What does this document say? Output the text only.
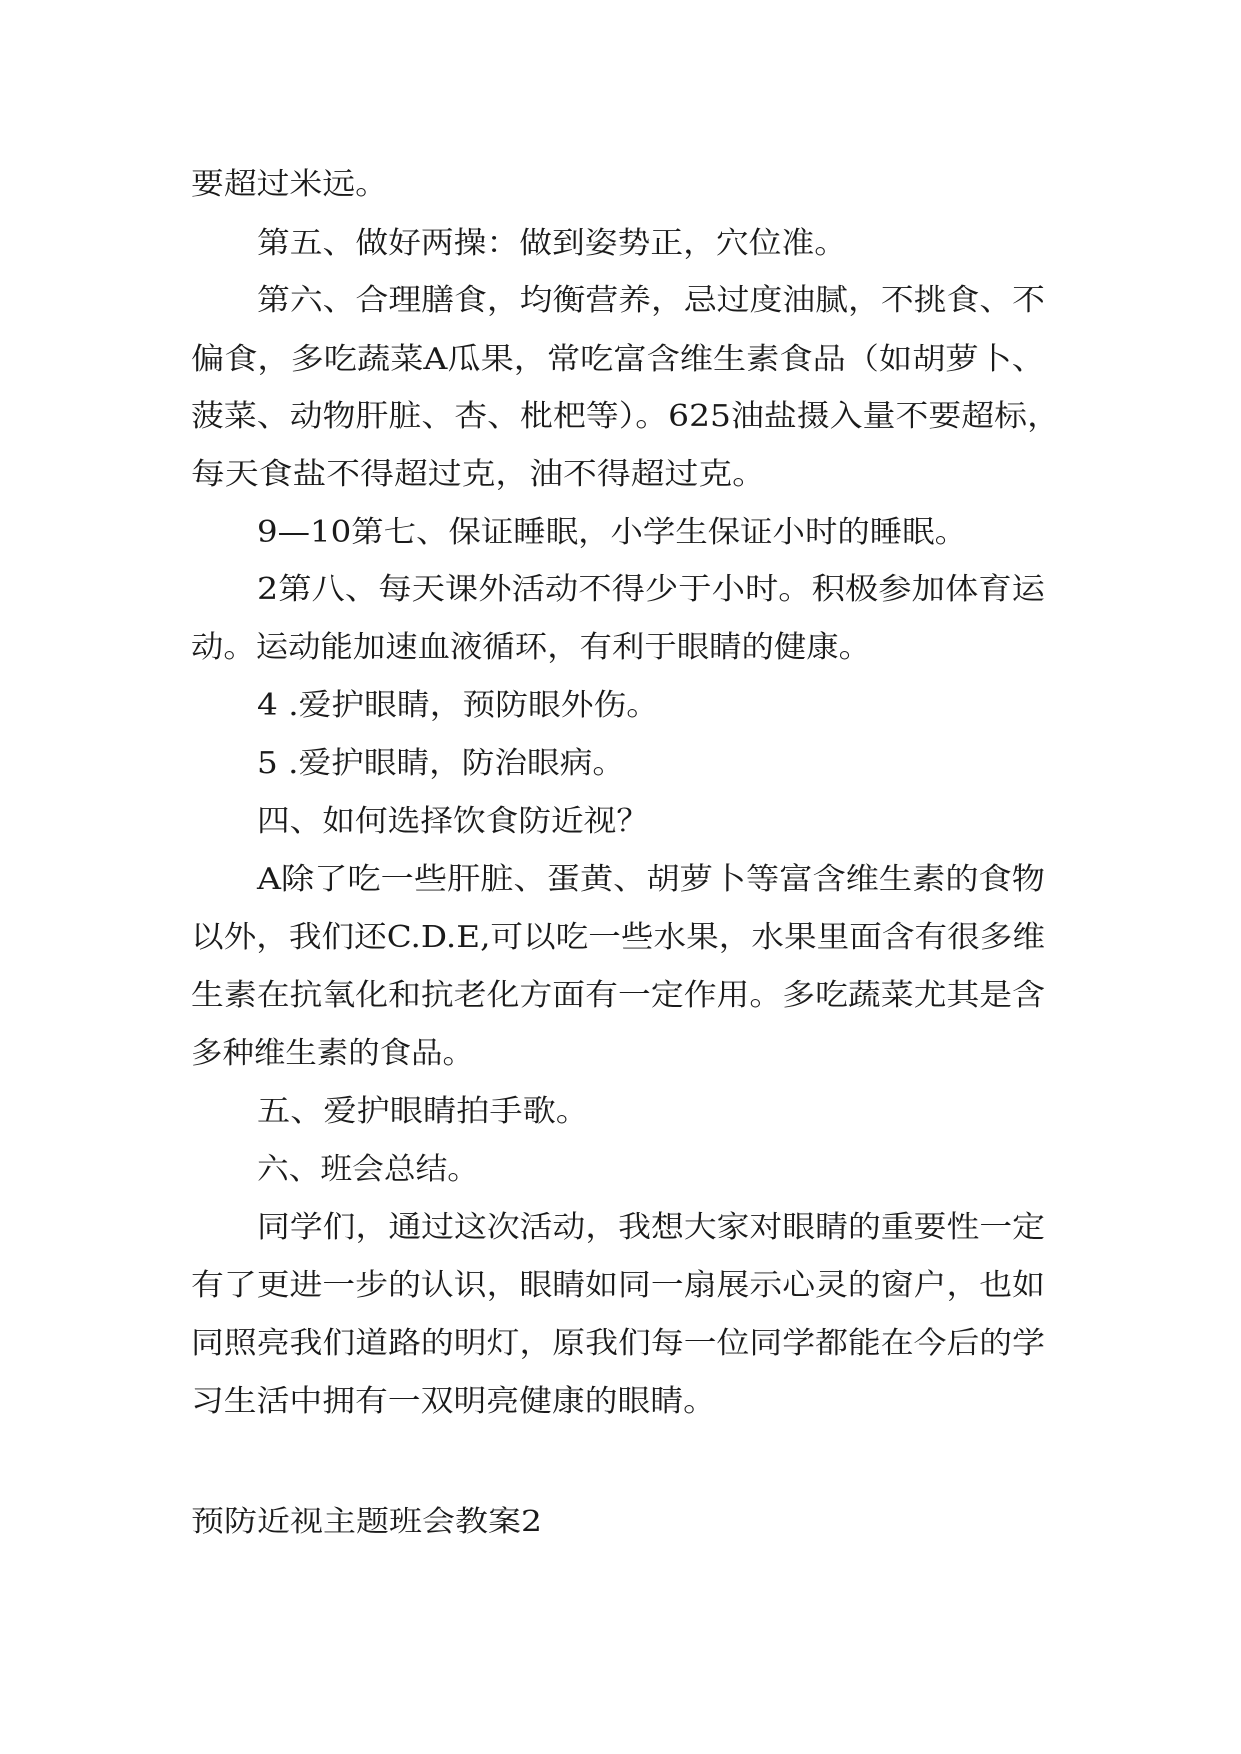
要超过米远。
第五、做好两操：做到姿势正，穴位准。
第六、合理膳食，均衡营养，忌过度油腻，不挑食、不
偏食，多吃蔬菜A瓜果，常吃富含维生素食品（如胡萝卜、
菠菜、动物肝脏、杏、枇杷等）。625油盐摄入量不要超标，
每天食盐不得超过克，油不得超过克。
9—10第七、保证睡眠，小学生保证小时的睡眠。
2第八、每天课外活动不得少于小时。积极参加体育运
动。运动能加速血液循环，有利于眼睛的健康。
4 .爱护眼睛，预防眼外伤。
5 .爱护眼睛，防治眼病。
四、如何选择饮食防近视？
A除了吃一些肝脏、蛋黄、胡萝卜等富含维生素的食物
以外，我们还C.D.E,可以吃一些水果，水果里面含有很多维
生素在抗氧化和抗老化方面有一定作用。多吃蔬菜尤其是含
多种维生素的食品。
五、爱护眼睛拍手歌。
六、班会总结。
同学们，通过这次活动，我想大家对眼睛的重要性一定
有了更进一步的认识，眼睛如同一扇展示心灵的窗户，也如
同照亮我们道路的明灯，原我们每一位同学都能在今后的学
习生活中拥有一双明亮健康的眼睛。
预防近视主题班会教案2
